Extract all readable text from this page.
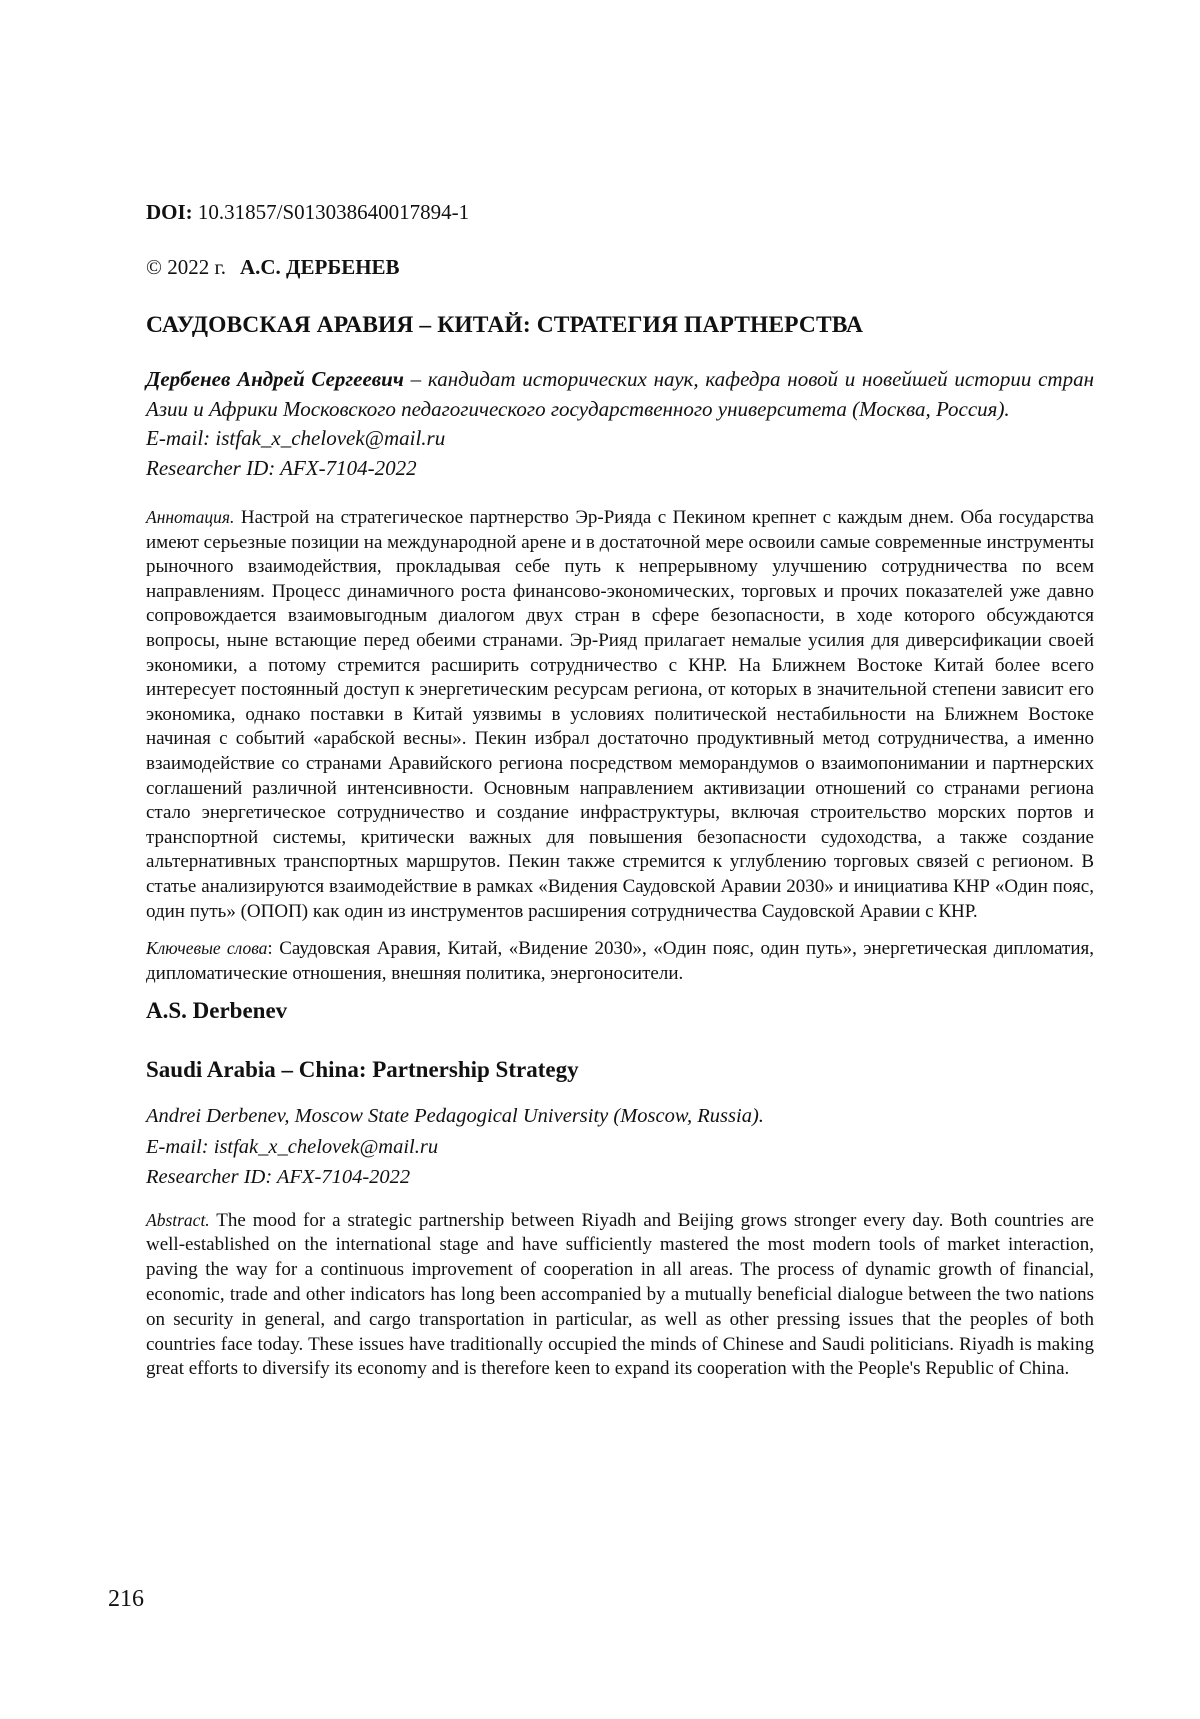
DOI: 10.31857/S013038640017894-1

© 2022 г. А.С. ДЕРБЕНЕВ

САУДОВСКАЯ АРАВИЯ – КИТАЙ: СТРАТЕГИЯ ПАРТНЕРСТВА

Дербенев Андрей Сергеевич – кандидат исторических наук, кафедра новой и новейшей истории стран Азии и Африки Московского педагогического государственного университета (Москва, Россия).

E-mail: istfak_x_chelovek@mail.ru
Researcher ID: AFX-7104-2022

Аннотация. Настрой на стратегическое партнерство Эр-Рияда с Пекином крепнет с каждым днем. Оба государства имеют серьезные позиции на международной арене и в достаточной мере освоили самые современные инструменты рыночного взаимодействия, прокладывая себе путь к непрерывному улучшению сотрудничества по всем направлениям. Процесс динамичного роста финансово-экономических, торговых и прочих показателей уже давно сопровождается взаимовыгодным диалогом двух стран в сфере безопасности, в ходе которого обсуждаются вопросы, ныне встающие перед обеими странами. Эр-Рияд прилагает немалые усилия для диверсификации своей экономики, а потому стремится расширить сотрудничество с КНР. На Ближнем Востоке Китай более всего интересует постоянный доступ к энергетическим ресурсам региона, от которых в значительной степени зависит его экономика, однако поставки в Китай уязвимы в условиях политической нестабильности на Ближнем Востоке начиная с событий «арабской весны». Пекин избрал достаточно продуктивный метод сотрудничества, а именно взаимодействие со странами Аравийского региона посредством меморандумов о взаимопонимании и партнерских соглашений различной интенсивности. Основным направлением активизации отношений со странами региона стало энергетическое сотрудничество и создание инфраструктуры, включая строительство морских портов и транспортной системы, критически важных для повышения безопасности судоходства, а также создание альтернативных транспортных маршрутов. Пекин также стремится к углублению торговых связей с регионом. В статье анализируются взаимодействие в рамках «Видения Саудовской Аравии 2030» и инициатива КНР «Один пояс, один путь» (ОПОП) как один из инструментов расширения сотрудничества Саудовской Аравии с КНР.

Ключевые слова: Саудовская Аравия, Китай, «Видение 2030», «Один пояс, один путь», энергетическая дипломатия, дипломатические отношения, внешняя политика, энергоносители.

A.S. Derbenev

Saudi Arabia – China: Partnership Strategy

Andrei Derbenev, Moscow State Pedagogical University (Moscow, Russia).
E-mail: istfak_x_chelovek@mail.ru
Researcher ID: AFX-7104-2022

Abstract. The mood for a strategic partnership between Riyadh and Beijing grows stronger every day. Both countries are well-established on the international stage and have sufficiently mastered the most modern tools of market interaction, paving the way for a continuous improvement of cooperation in all areas. The process of dynamic growth of financial, economic, trade and other indicators has long been accompanied by a mutually beneficial dialogue between the two nations on security in general, and cargo transportation in particular, as well as other pressing issues that the peoples of both countries face today. These issues have traditionally occupied the minds of Chinese and Saudi politicians. Riyadh is making great efforts to diversify its economy and is therefore keen to expand its cooperation with the People's Republic of China.

216
